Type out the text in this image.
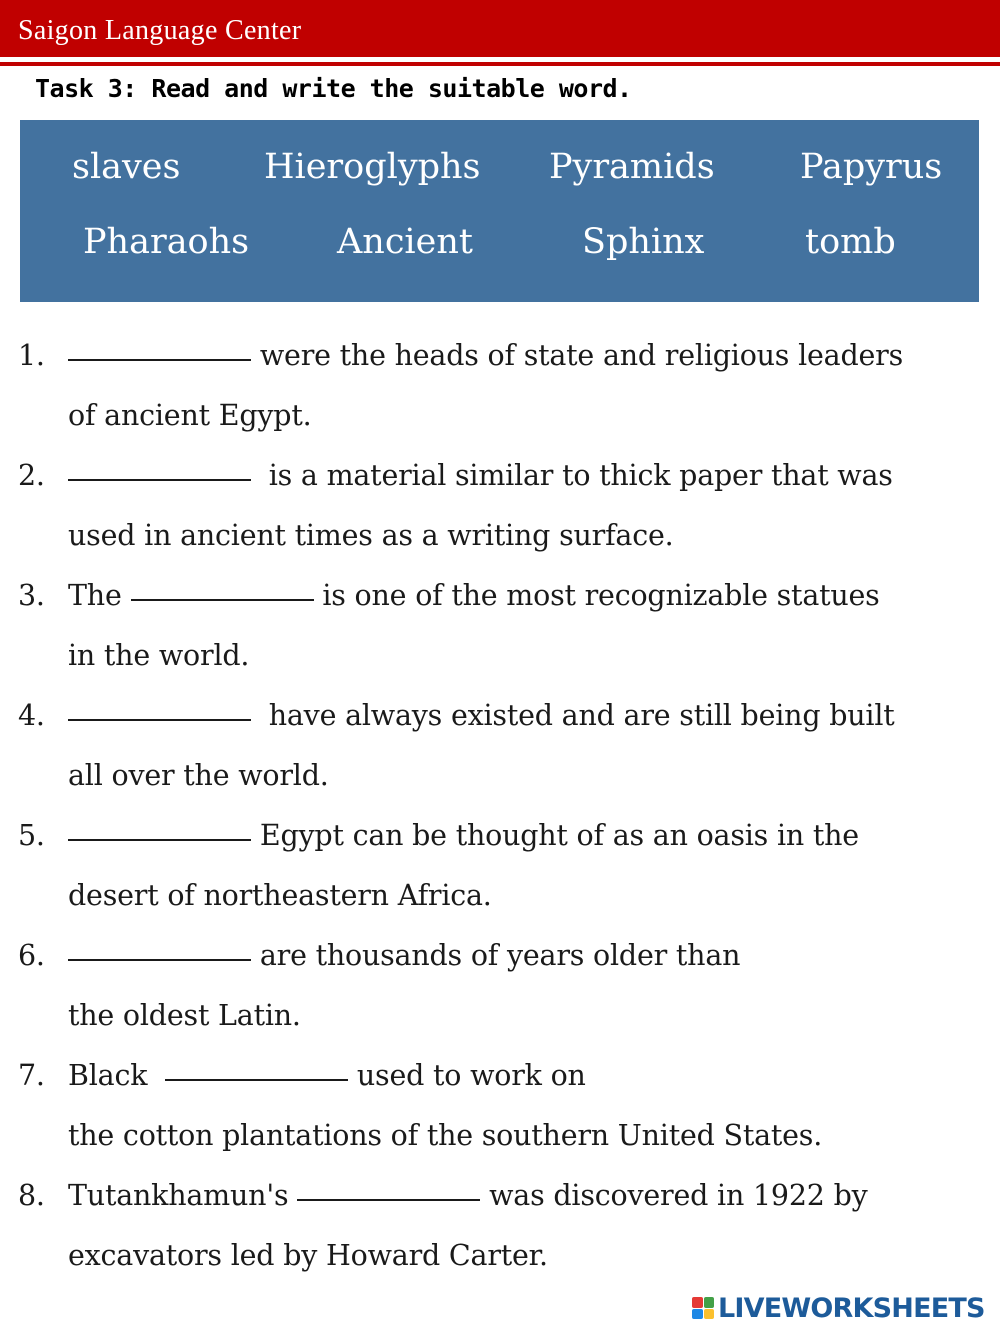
Saigon Language Center
Task 3: Read and write the suitable word.
slaves Hieroglyphs Pyramids Papyrus
Pharaohs	Ancient	Sphinx	tomb
1.	were the heads of state and religious leaders
of ancient Egypt.
2.	is a material similar to thick paper that was
used in ancient times as a writing surface.
3. The	is one of the most recognizable statues
in the world.
4.	have always existed and are still being built
all over the world.
5.	Egypt can be thought of as an oasis in the
desert of northeastern Africa.
6.	are thousands of years older than
the oldest Latin.
7. Black	used to work on
the cotton plantations of the southern United States.
8. Tutankhamun's	was discovered in 1922 by
excavators led by Howard Carter.
LIVEWORKSHEETS
